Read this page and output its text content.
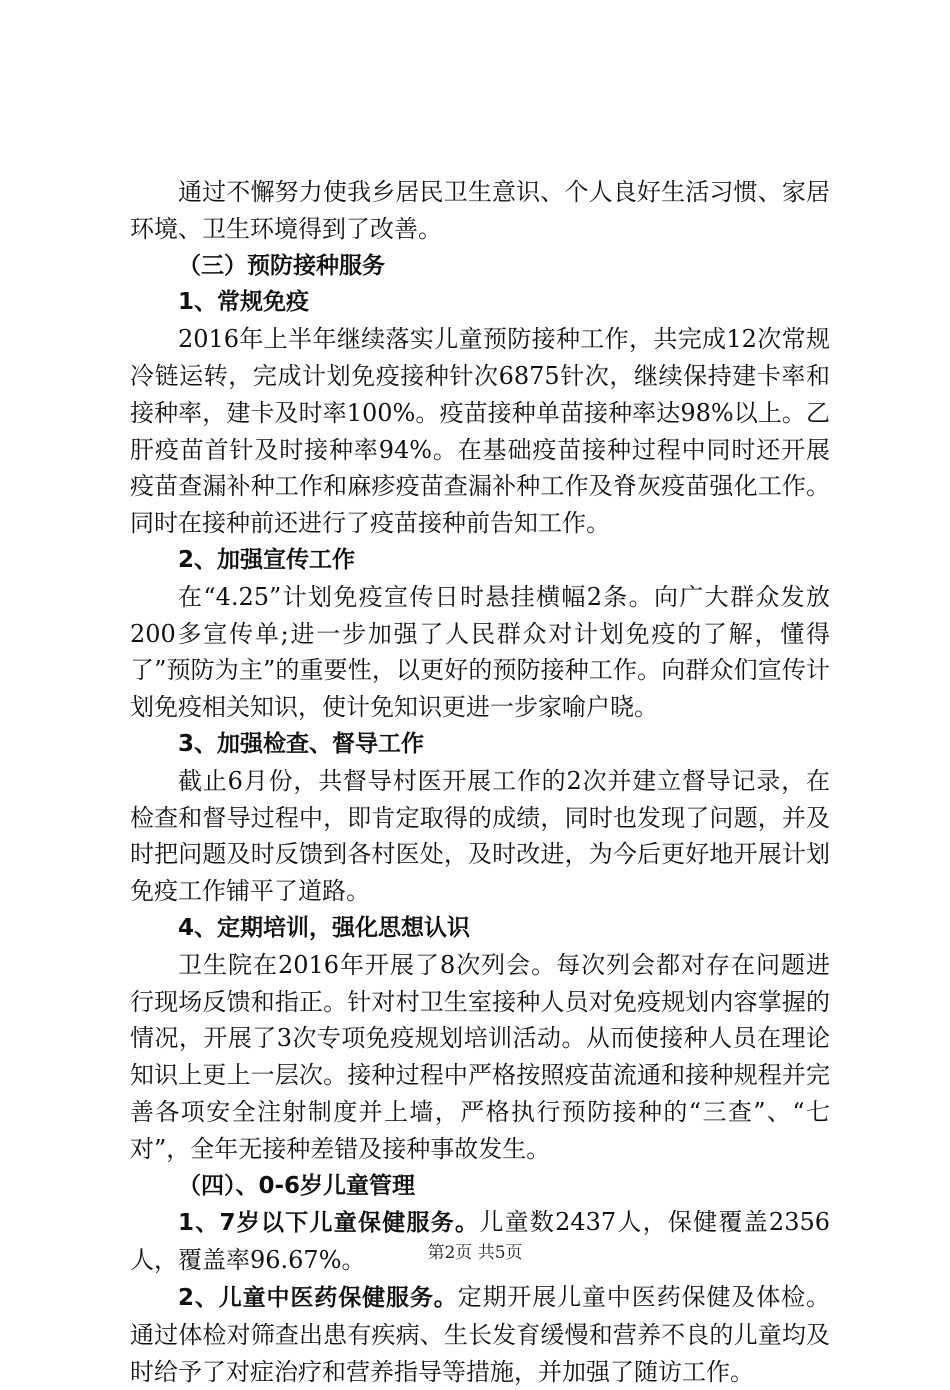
通过不懈努力使我乡居民卫生意识、个人良好生活习惯、家居环境、卫生环境得到了改善。

（三）预防接种服务

1、常规免疫

2016年上半年继续落实儿童预防接种工作，共完成12次常规冷链运转，完成计划免疫接种针次6875针次，继续保持建卡率和接种率，建卡及时率100%。疫苗接种单苗接种率达98%以上。乙肝疫苗首针及时接种率94%。在基础疫苗接种过程中同时还开展疫苗查漏补种工作和麻疹疫苗查漏补种工作及脊灰疫苗强化工作。同时在接种前还进行了疫苗接种前告知工作。

2、加强宣传工作

在“4.25”计划免疫宣传日时悬挂横幅2条。向广大群众发放200多宣传单;进一步加强了人民群众对计划免疫的了解，懂得了”预防为主”的重要性，以更好的预防接种工作。向群众们宣传计划免疫相关知识，使计免知识更进一步家喻户晓。

3、加强检查、督导工作

截止6月份，共督导村医开展工作的2次并建立督导记录，在检查和督导过程中，即肯定取得的成绩，同时也发现了问题，并及时把问题及时反馈到各村医处，及时改进，为今后更好地开展计划免疫工作铺平了道路。

4、定期培训，强化思想认识

卫生院在2016年开展了8次列会。每次列会都对存在问题进行现场反馈和指正。针对村卫生室接种人员对免疫规划内容掌握的情况，开展了3次专项免疫规划培训活动。从而使接种人员在理论知识上更上一层次。接种过程中严格按照疫苗流通和接种规程并完善各项安全注射制度并上墙，严格执行预防接种的“三查”、“七对”，全年无接种差错及接种事故发生。

（四）、0-6岁儿童管理

1、7岁以下儿童保健服务。儿童数2437人，保健覆盖2356人，覆盖率96.67%。

2、儿童中医药保健服务。定期开展儿童中医药保健及体检。通过体检对筛查出患有疾病、生长发育缓慢和营养不良的儿童均及时给予了对症治疗和营养指导等措施，并加强了随访工作。

第2页 共5页
